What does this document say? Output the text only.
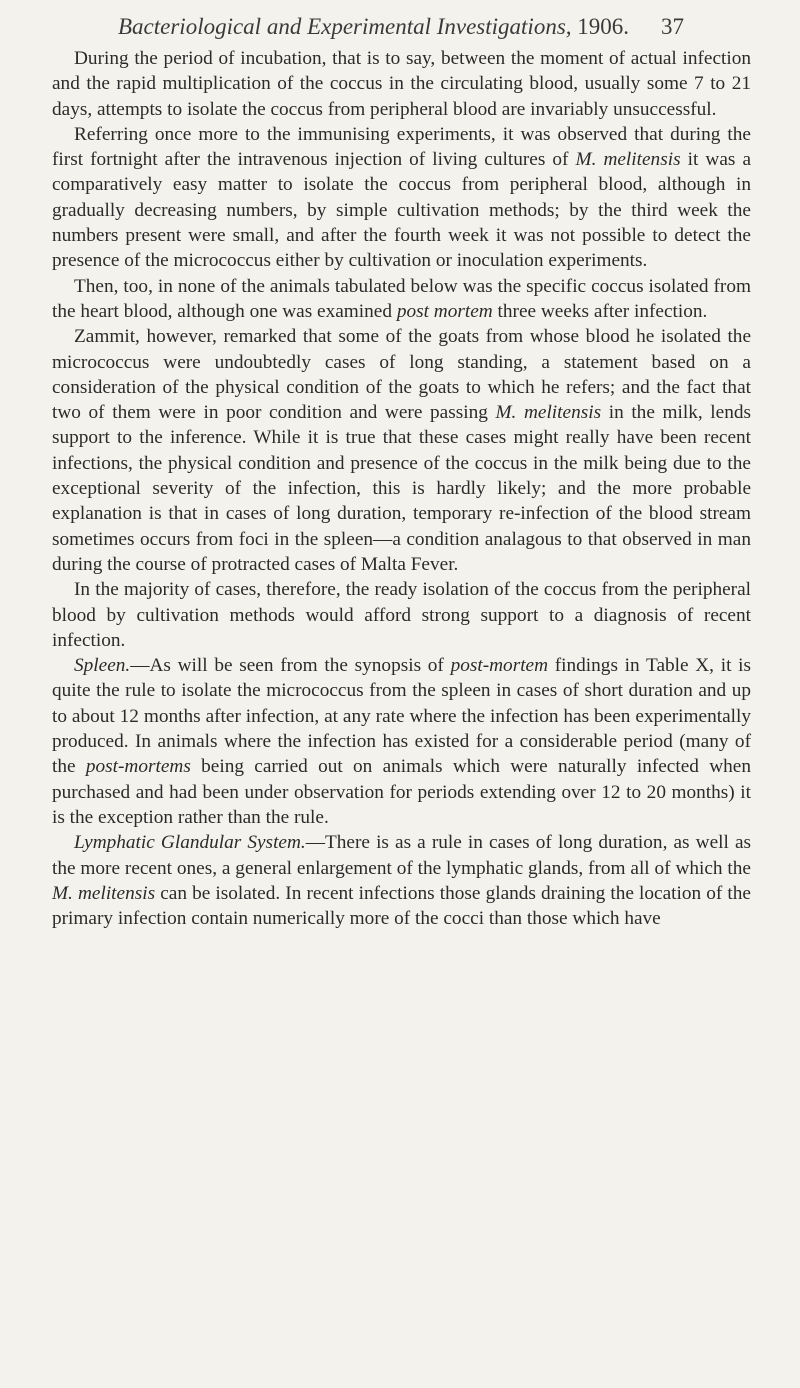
Bacteriological and Experimental Investigations, 1906. 37

During the period of incubation, that is to say, between the moment of actual infection and the rapid multiplication of the coccus in the circulating blood, usually some 7 to 21 days, attempts to isolate the coccus from peripheral blood are invariably unsuccessful.

Referring once more to the immunising experiments, it was observed that during the first fortnight after the intravenous injection of living cultures of M. melitensis it was a comparatively easy matter to isolate the coccus from peripheral blood, although in gradually decreasing numbers, by simple cultivation methods; by the third week the numbers present were small, and after the fourth week it was not possible to detect the presence of the micrococcus either by cultivation or inoculation experiments.

Then, too, in none of the animals tabulated below was the specific coccus isolated from the heart blood, although one was examined post mortem three weeks after infection.

Zammit, however, remarked that some of the goats from whose blood he isolated the micrococcus were undoubtedly cases of long standing, a statement based on a consideration of the physical condition of the goats to which he refers; and the fact that two of them were in poor condition and were passing M. melitensis in the milk, lends support to the inference. While it is true that these cases might really have been recent infections, the physical condition and presence of the coccus in the milk being due to the exceptional severity of the infection, this is hardly likely; and the more probable explanation is that in cases of long duration, temporary re-infection of the blood stream sometimes occurs from foci in the spleen—a condition analagous to that observed in man during the course of protracted cases of Malta Fever.

In the majority of cases, therefore, the ready isolation of the coccus from the peripheral blood by cultivation methods would afford strong support to a diagnosis of recent infection.

Spleen.—As will be seen from the synopsis of post-mortem findings in Table X, it is quite the rule to isolate the micrococcus from the spleen in cases of short duration and up to about 12 months after infection, at any rate where the infection has been experimentally produced. In animals where the infection has existed for a considerable period (many of the post-mortems being carried out on animals which were naturally infected when purchased and had been under observation for periods extending over 12 to 20 months) it is the exception rather than the rule.

Lymphatic Glandular System.—There is as a rule in cases of long duration, as well as the more recent ones, a general enlargement of the lymphatic glands, from all of which the M. melitensis can be isolated. In recent infections those glands draining the location of the primary infection contain numerically more of the cocci than those which have
